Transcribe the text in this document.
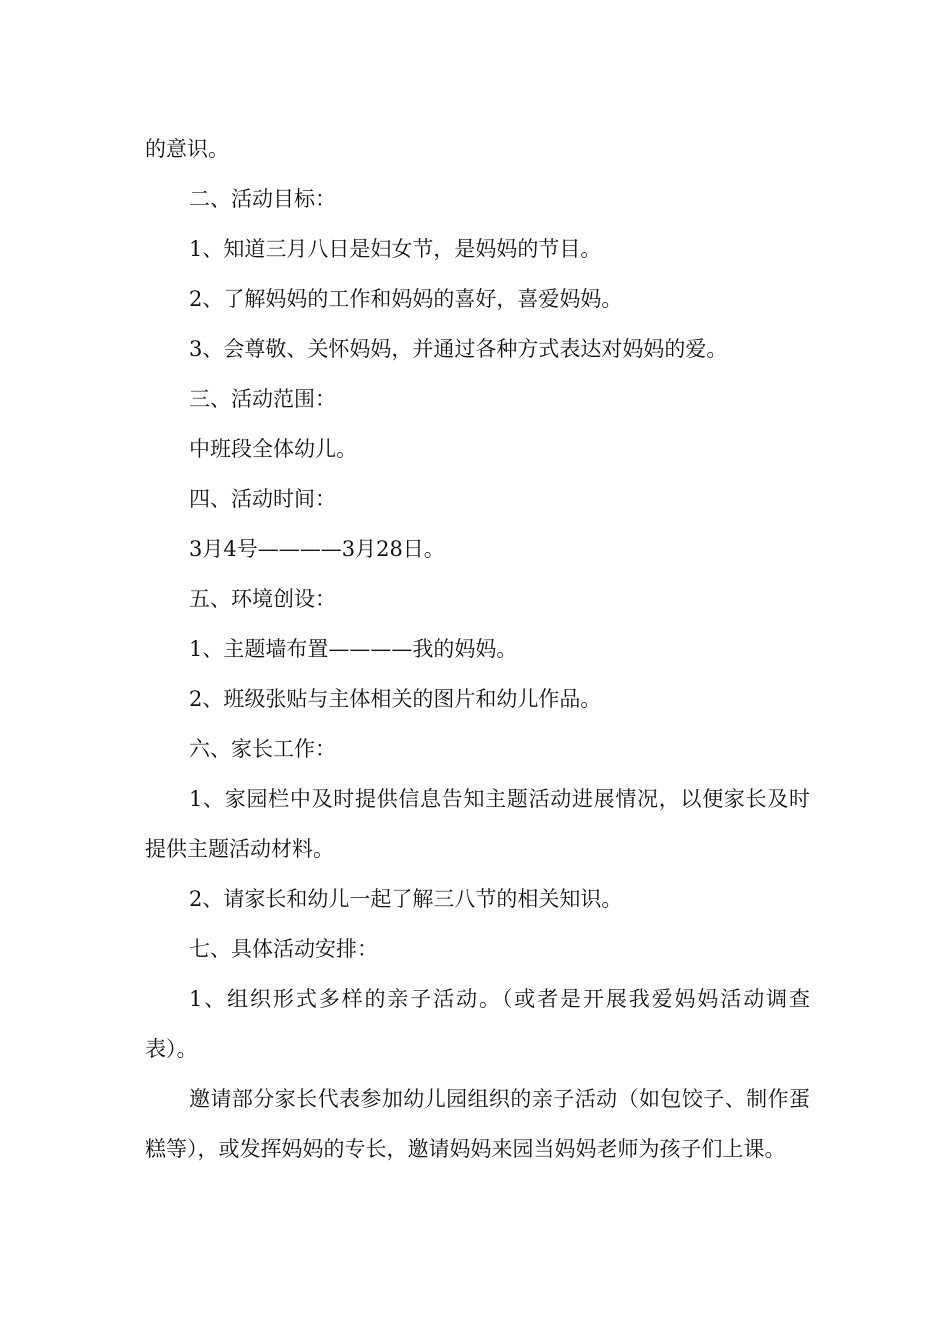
的意识。

二、活动目标：

1、知道三月八日是妇女节，是妈妈的节目。

2、了解妈妈的工作和妈妈的喜好，喜爱妈妈。

3、会尊敬、关怀妈妈，并通过各种方式表达对妈妈的爱。

三、活动范围：

中班段全体幼儿。

四、活动时间：

3月4号————3月28日。

五、环境创设：

1、主题墙布置————我的妈妈。

2、班级张贴与主体相关的图片和幼儿作品。

六、家长工作：

1、家园栏中及时提供信息告知主题活动进展情况，以便家长及时提供主题活动材料。

2、请家长和幼儿一起了解三八节的相关知识。

七、具体活动安排：

1、组织形式多样的亲子活动。（或者是开展我爱妈妈活动调查表）。

邀请部分家长代表参加幼儿园组织的亲子活动（如包饺子、制作蛋糕等），或发挥妈妈的专长，邀请妈妈来园当妈妈老师为孩子们上课。
